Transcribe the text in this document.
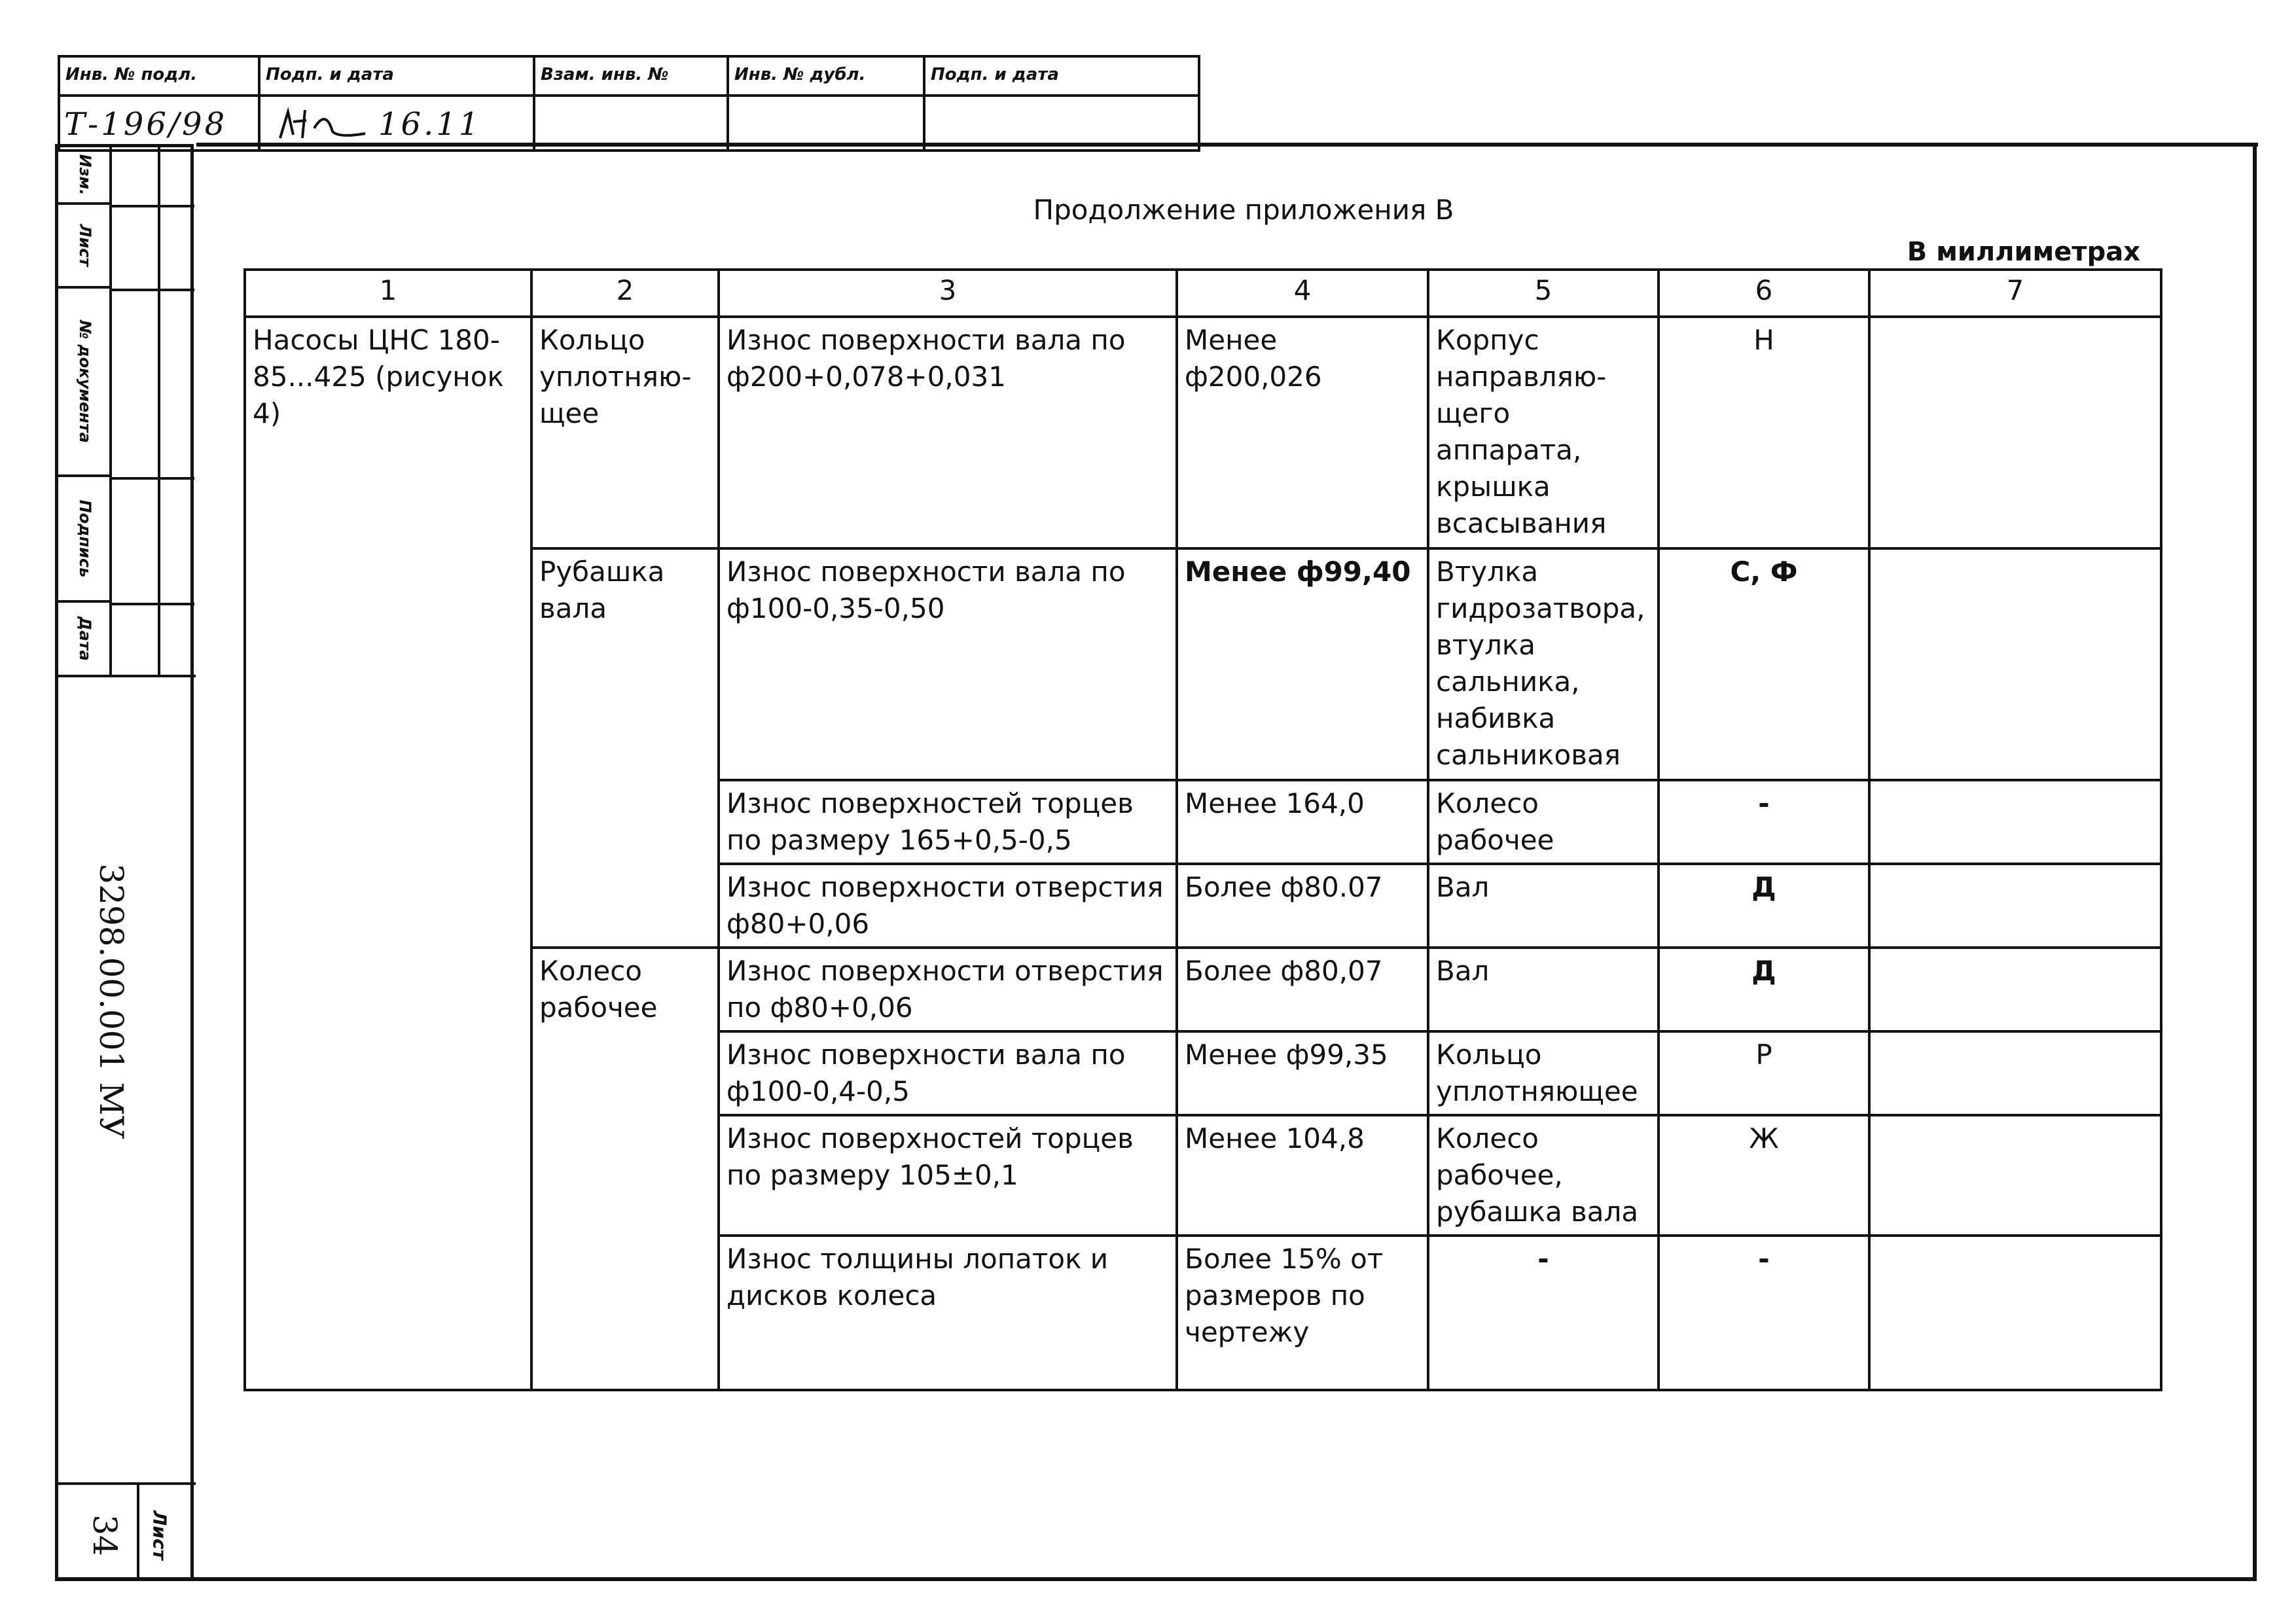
Инв. № подл.	Подп. и дата	Взам. инв. №	Инв. № дубл.	Подп. и дата
Т-196/98	16.11
Изм.
Лист
№ документа
Подпись
Дата
3298.00.001 МУ
Лист
34
Продолжение приложения В
В миллиметрах
1	2	3	4	5	6	7
Насосы ЦНС 180-85...425 (рисунок 4)	Кольцо уплотняю-щее	Износ поверхности вала по ф200+0,078+0,031	Менее ф200,026	Корпус направляю-щего аппарата, крышка всасывания	Н	
	Рубашка вала	Износ поверхности вала по ф100-0,35-0,50	Менее ф99,40	Втулка гидрозатвора, втулка сальника, набивка сальниковая	С, Ф	
		Износ поверхностей торцев по размеру 165+0,5-0,5	Менее 164,0	Колесо рабочее	-	
		Износ поверхности отверстия ф80+0,06	Более ф80.07	Вал	Д	
	Колесо рабочее	Износ поверхности отверстия по ф80+0,06	Более ф80,07	Вал	Д	
		Износ поверхности вала по ф100-0,4-0,5	Менее ф99,35	Кольцо уплотняющее	Р	
		Износ поверхностей торцев по размеру 105±0,1	Менее 104,8	Колесо рабочее, рубашка вала	Ж	
		Износ толщины лопаток и дисков колеса	Более 15% от размеров по чертежу	-	-	
